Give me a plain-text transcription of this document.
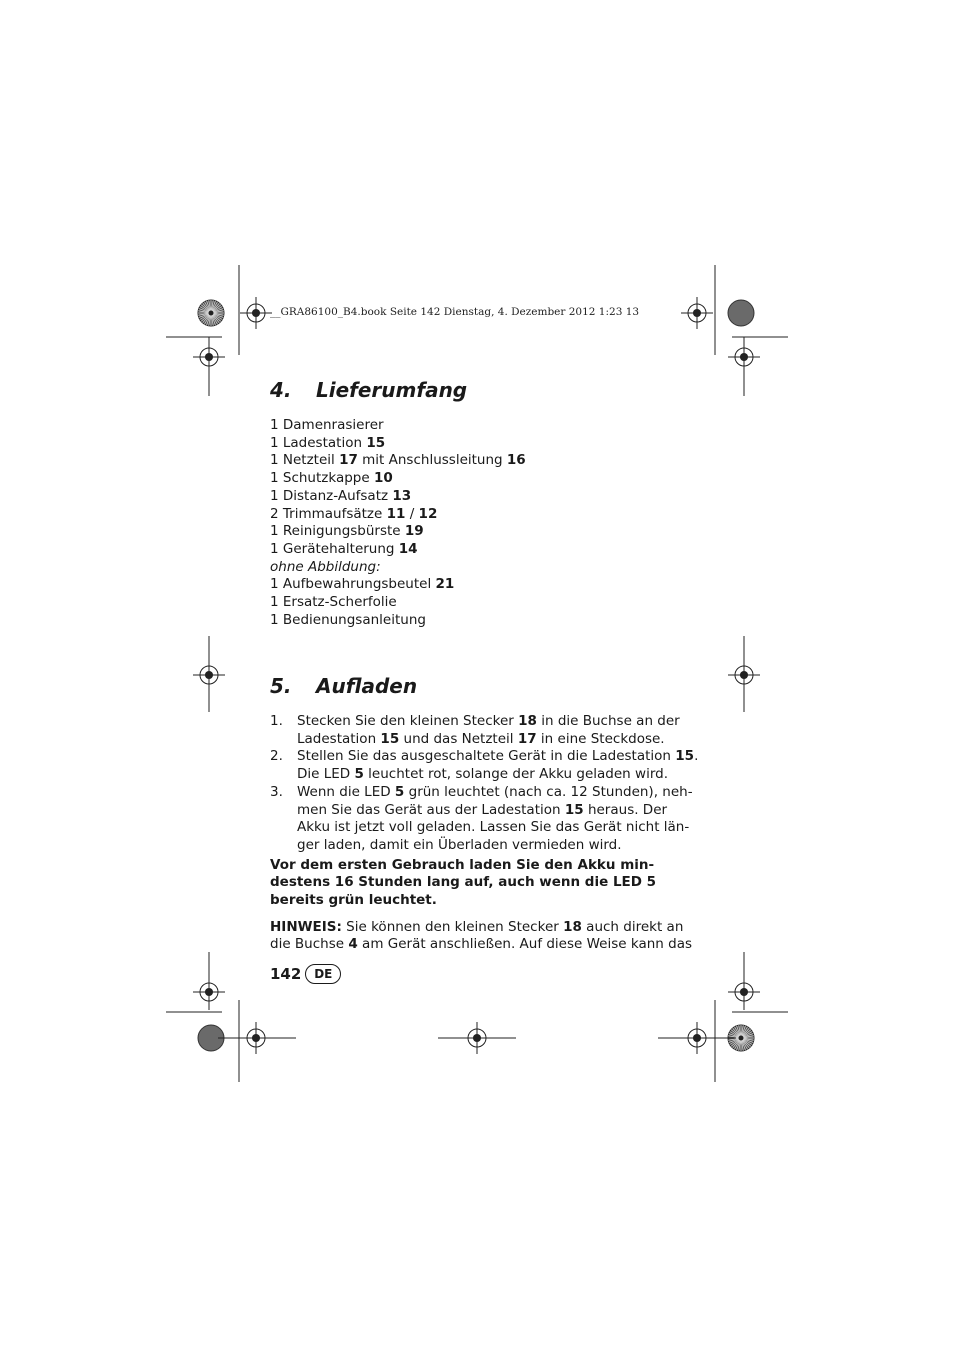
__GRA86100_B4.book Seite 142 Dienstag, 4. Dezember 2012 1:23 13
4.	Lieferumfang
1 Damenrasierer
1 Ladestation 15
1 Netzteil 17 mit Anschlussleitung 16
1 Schutzkappe 10
1 Distanz-Aufsatz 13
2 Trimmaufsätze 11 / 12
1 Reinigungsbürste 19
1 Gerätehalterung 14
ohne Abbildung:
1 Aufbewahrungsbeutel 21
1 Ersatz-Scherfolie
1 Bedienungsanleitung
5.	Aufladen
1.	Stecken Sie den kleinen Stecker 18 in die Buchse an der
Ladestation 15 und das Netzteil 17 in eine Steckdose.
2.	Stellen Sie das ausgeschaltete Gerät in die Ladestation 15.
Die LED 5 leuchtet rot, solange der Akku geladen wird.
3.	Wenn die LED 5 grün leuchtet (nach ca. 12 Stunden), neh-
men Sie das Gerät aus der Ladestation 15 heraus. Der
Akku ist jetzt voll geladen. Lassen Sie das Gerät nicht län-
ger laden, damit ein Überladen vermieden wird.
Vor dem ersten Gebrauch laden Sie den Akku min-
destens 16 Stunden lang auf, auch wenn die LED 5
bereits grün leuchtet.
HINWEIS: Sie können den kleinen Stecker 18 auch direkt an
die Buchse 4 am Gerät anschließen. Auf diese Weise kann das
142	DE
